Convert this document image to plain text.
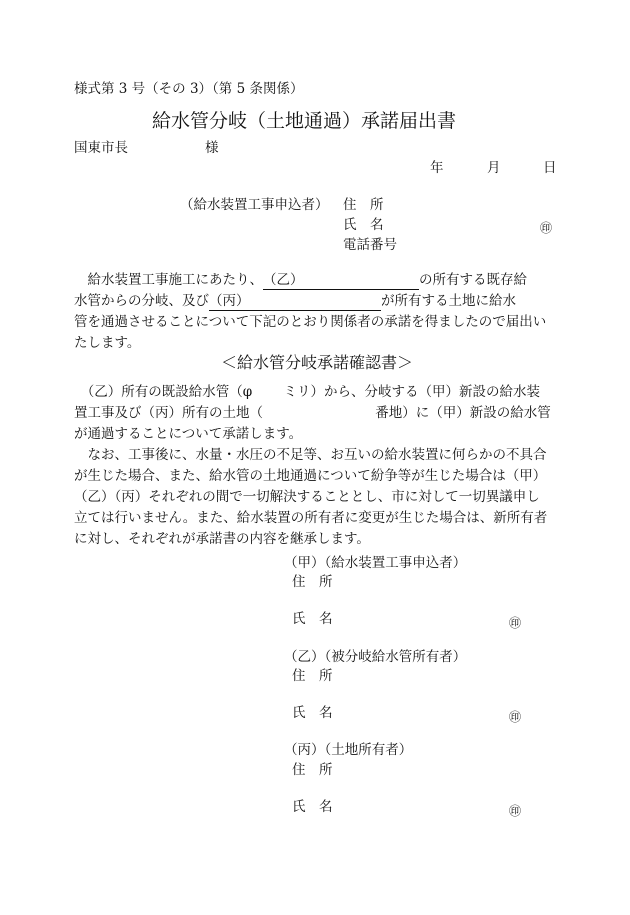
様式第 3 号（その 3）（第 5 条関係）
給水管分岐（土地通過）承諾届出書
国東市長	様
年	月	日
（給水装置工事申込者） 住　所
氏　名	㊞
電話番号
　給水装置工事施工にあたり、（乙）	の所有する既存給
水管からの分岐、及び（丙）	が所有する土地に給水
管を通過させることについて下記のとおり関係者の承諾を得ましたので届出い
たします。
＜給水管分岐承諾確認書＞
　（乙）所有の既設給水管（φ　　 ミリ）から、分岐する（甲）新設の給水装
置工事及び（丙）所有の土地（　　　　　　　　 番地）に（甲）新設の給水管
が通過することについて承諾します。
　なお、工事後に、水量・水圧の不足等、お互いの給水装置に何らかの不具合
が生じた場合、また、給水管の土地通過について紛争等が生じた場合は（甲）
（乙）（丙）それぞれの間で一切解決することとし、市に対して一切異議申し
立ては行いません。また、給水装置の所有者に変更が生じた場合は、新所有者
に対し、それぞれが承諾書の内容を継承します。
（甲）（給水装置工事申込者）
住　所
氏　名	㊞
（乙）（被分岐給水管所有者）
住　所
氏　名	㊞
（丙）（土地所有者）
住　所
氏　名	㊞
